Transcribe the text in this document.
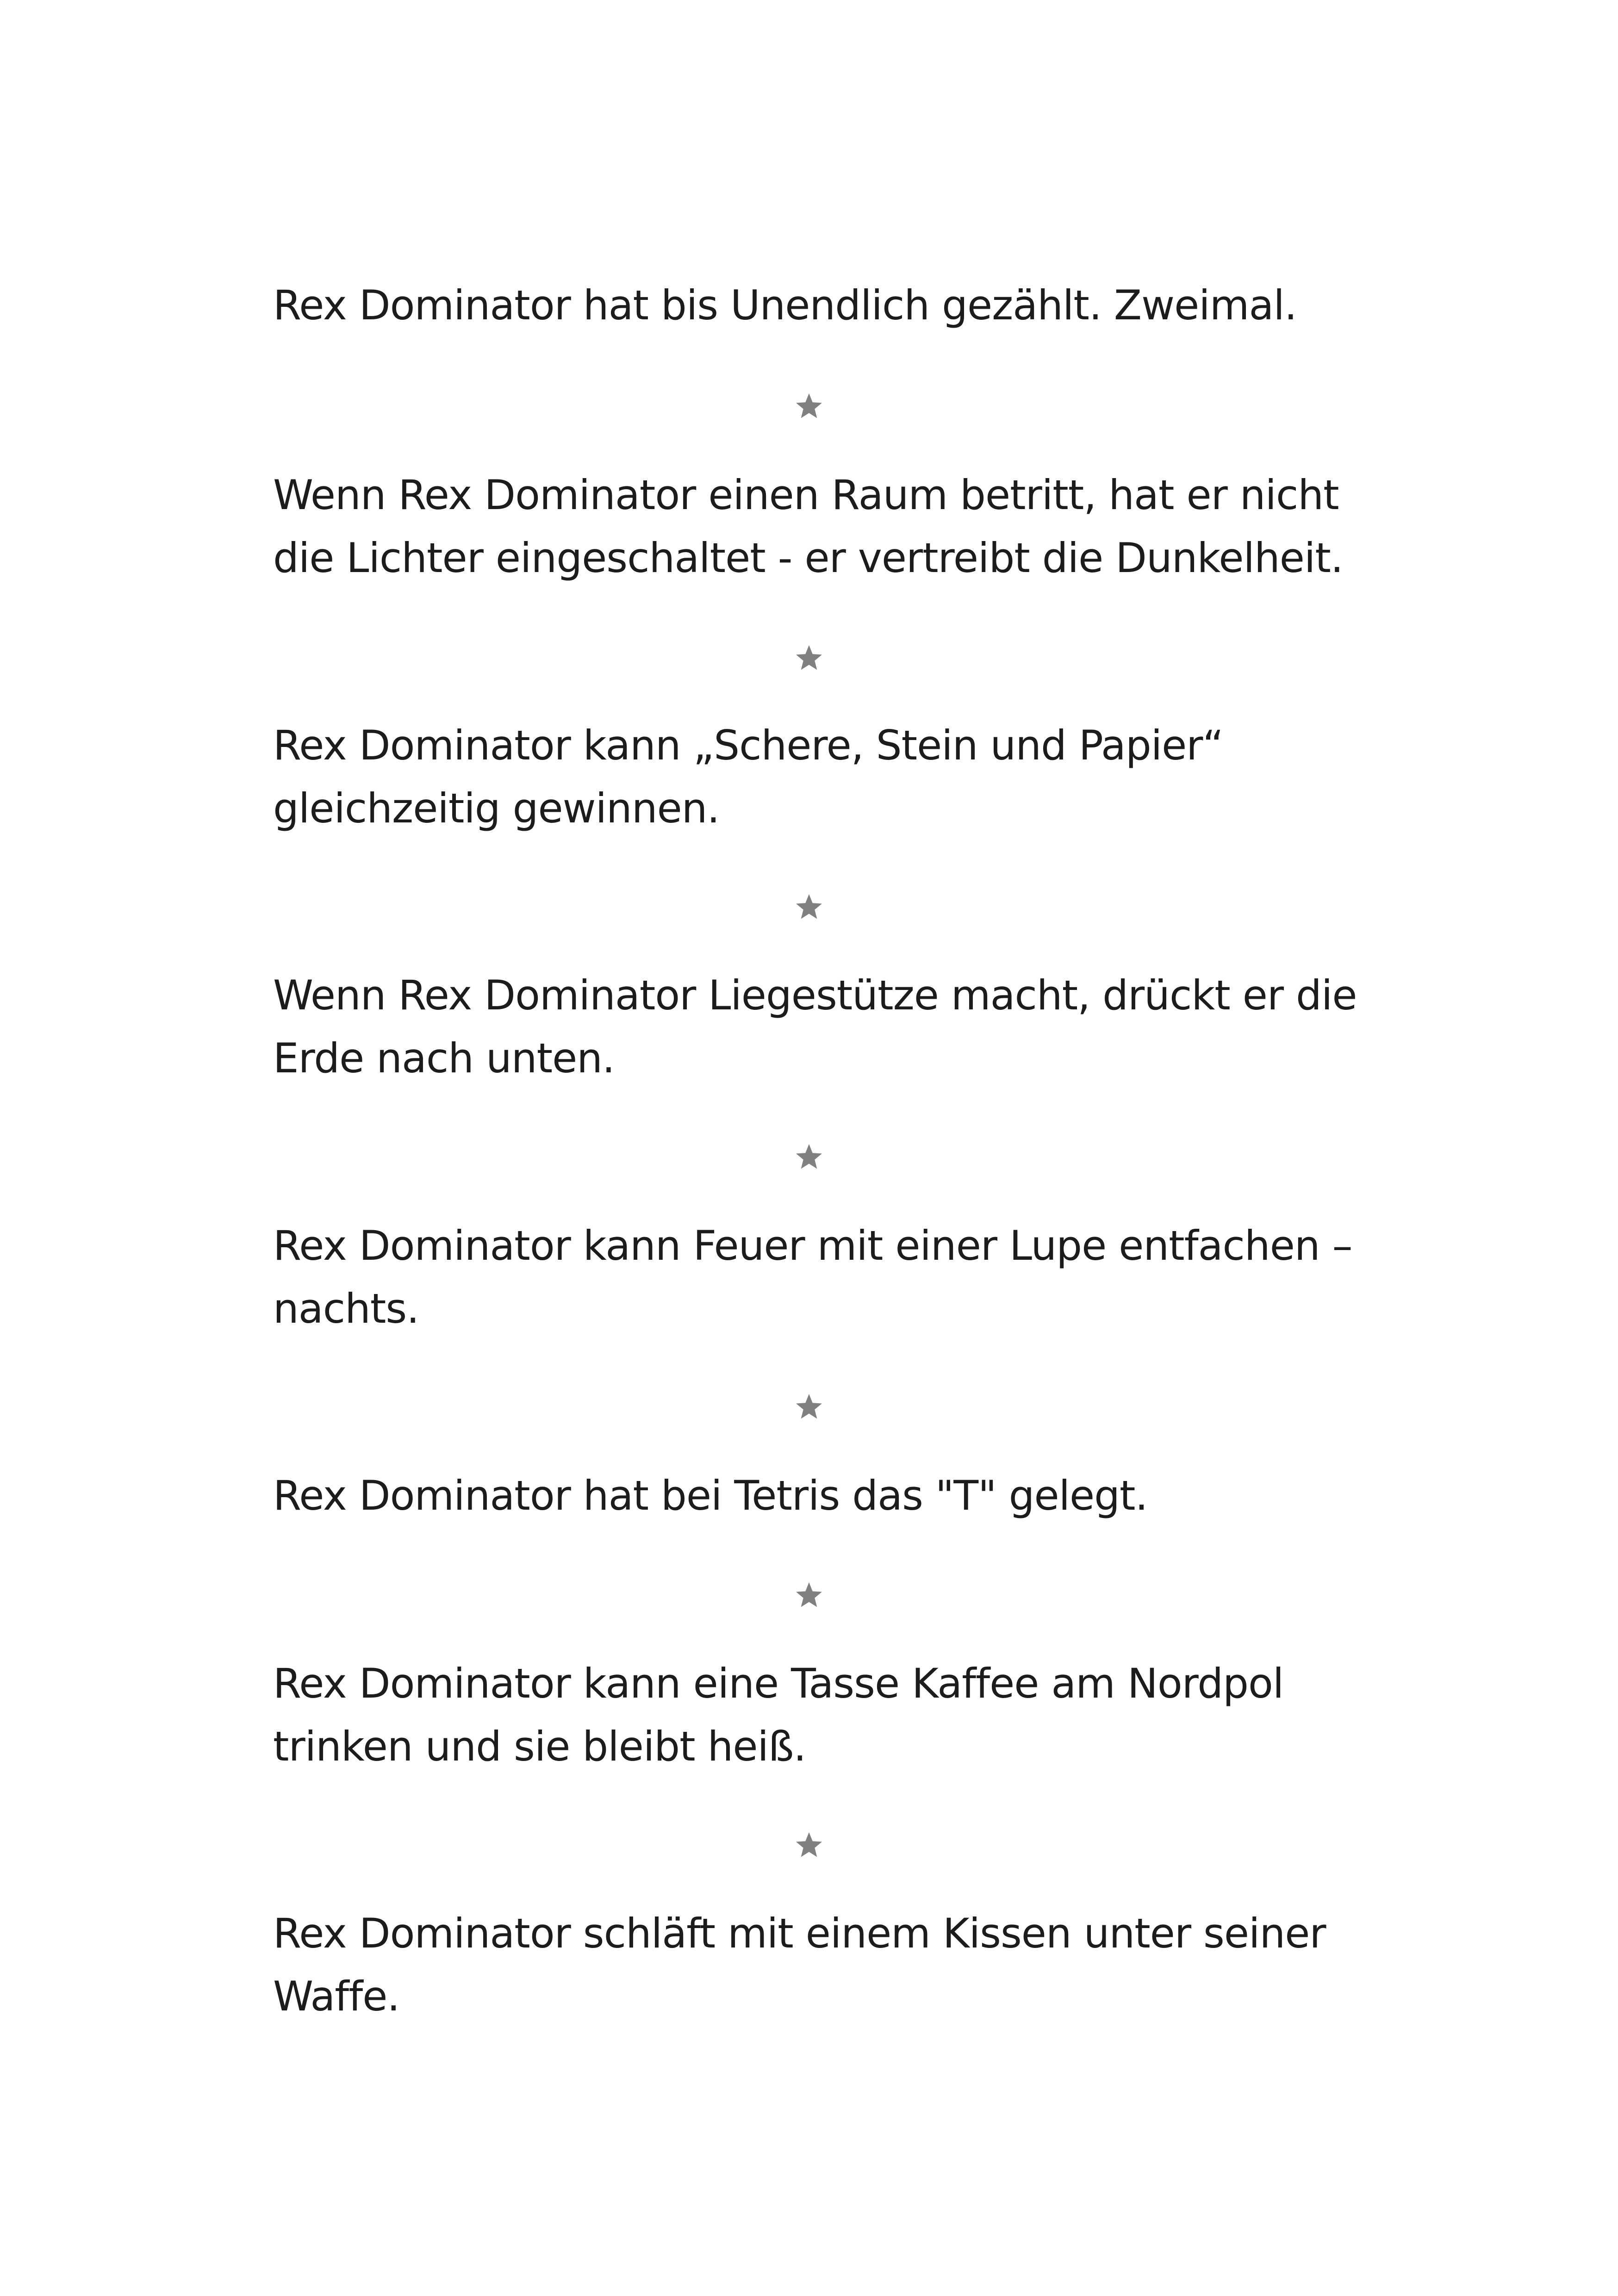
Rex Dominator hat bis Unendlich gezählt. Zweimal.

Wenn Rex Dominator einen Raum betritt, hat er nicht die Lichter eingeschaltet - er vertreibt die Dunkelheit.

Rex Dominator kann „Schere, Stein und Papier“ gleichzeitig gewinnen.

Wenn Rex Dominator Liegestütze macht, drückt er die Erde nach unten.

Rex Dominator kann Feuer mit einer Lupe entfachen – nachts.

Rex Dominator hat bei Tetris das "T" gelegt.

Rex Dominator kann eine Tasse Kaffee am Nordpol trinken und sie bleibt heiß.

Rex Dominator schläft mit einem Kissen unter seiner Waffe.
